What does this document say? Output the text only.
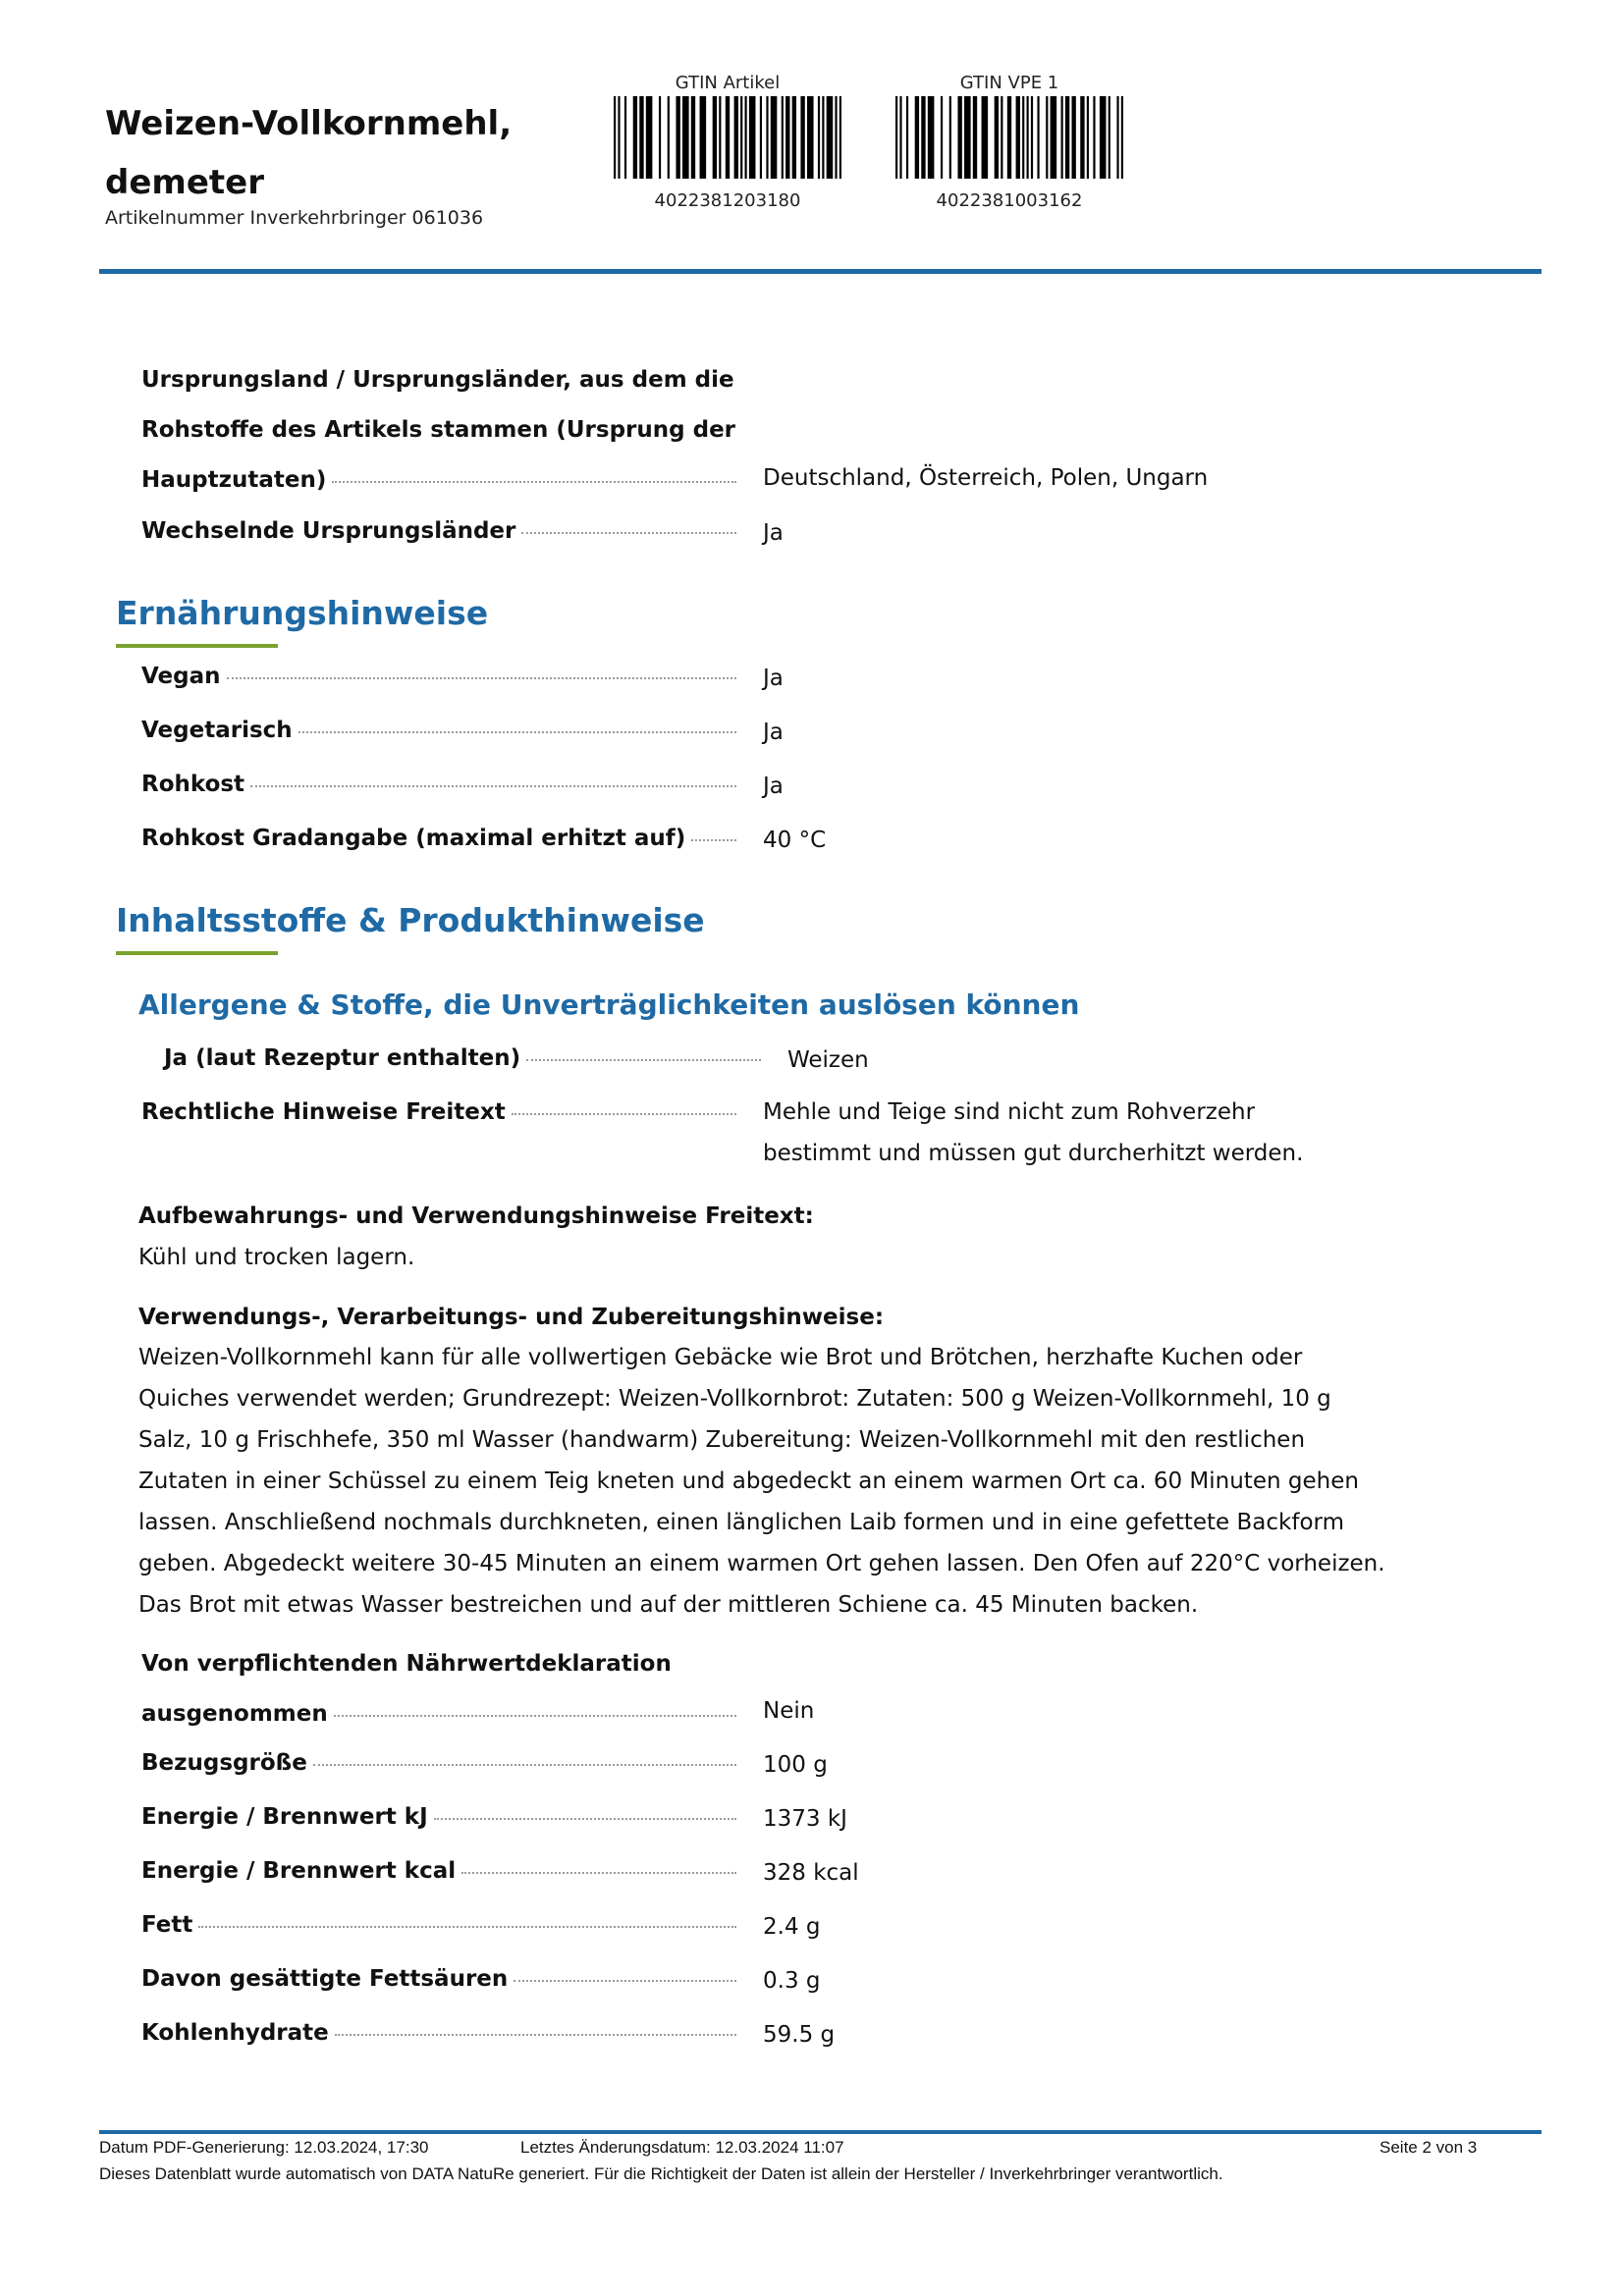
Weizen-Vollkornmehl,
demeter
Artikelnummer Inverkehrbringer 061036
GTIN Artikel
4022381203180
GTIN VPE 1
4022381003162
Ursprungsland / Ursprungsländer, aus dem die
Rohstoffe des Artikels stammen (Ursprung der
Hauptzutaten)	Deutschland, Österreich, Polen, Ungarn
Wechselnde Ursprungsländer	Ja
Ernährungshinweise
Vegan	Ja
Vegetarisch	Ja
Rohkost	Ja
Rohkost Gradangabe (maximal erhitzt auf)	40 °C
Inhaltsstoffe & Produkthinweise
Allergene & Stoffe, die Unverträglichkeiten auslösen können
Ja (laut Rezeptur enthalten)	Weizen
Rechtliche Hinweise Freitext	Mehle und Teige sind nicht zum Rohverzehr
bestimmt und müssen gut durcherhitzt werden.
Aufbewahrungs- und Verwendungshinweise Freitext:
Kühl und trocken lagern.
Verwendungs-, Verarbeitungs- und Zubereitungshinweise:
Weizen-Vollkornmehl kann für alle vollwertigen Gebäcke wie Brot und Brötchen, herzhafte Kuchen oder
Quiches verwendet werden; Grundrezept: Weizen-Vollkornbrot: Zutaten: 500 g Weizen-Vollkornmehl, 10 g
Salz, 10 g Frischhefe, 350 ml Wasser (handwarm) Zubereitung: Weizen-Vollkornmehl mit den restlichen
Zutaten in einer Schüssel zu einem Teig kneten und abgedeckt an einem warmen Ort ca. 60 Minuten gehen
lassen. Anschließend nochmals durchkneten, einen länglichen Laib formen und in eine gefettete Backform
geben. Abgedeckt weitere 30-45 Minuten an einem warmen Ort gehen lassen. Den Ofen auf 220°C vorheizen.
Das Brot mit etwas Wasser bestreichen und auf der mittleren Schiene ca. 45 Minuten backen.
Von verpflichtenden Nährwertdeklaration
ausgenommen	Nein
Bezugsgröße	100 g
Energie / Brennwert kJ	1373 kJ
Energie / Brennwert kcal	328 kcal
Fett	2.4 g
Davon gesättigte Fettsäuren	0.3 g
Kohlenhydrate	59.5 g
Datum PDF-Generierung: 12.03.2024, 17:30	Letztes Änderungsdatum: 12.03.2024 11:07	Seite 2 von 3
Dieses Datenblatt wurde automatisch von DATA NatuRe generiert. Für die Richtigkeit der Daten ist allein der Hersteller / Inverkehrbringer verantwortlich.
